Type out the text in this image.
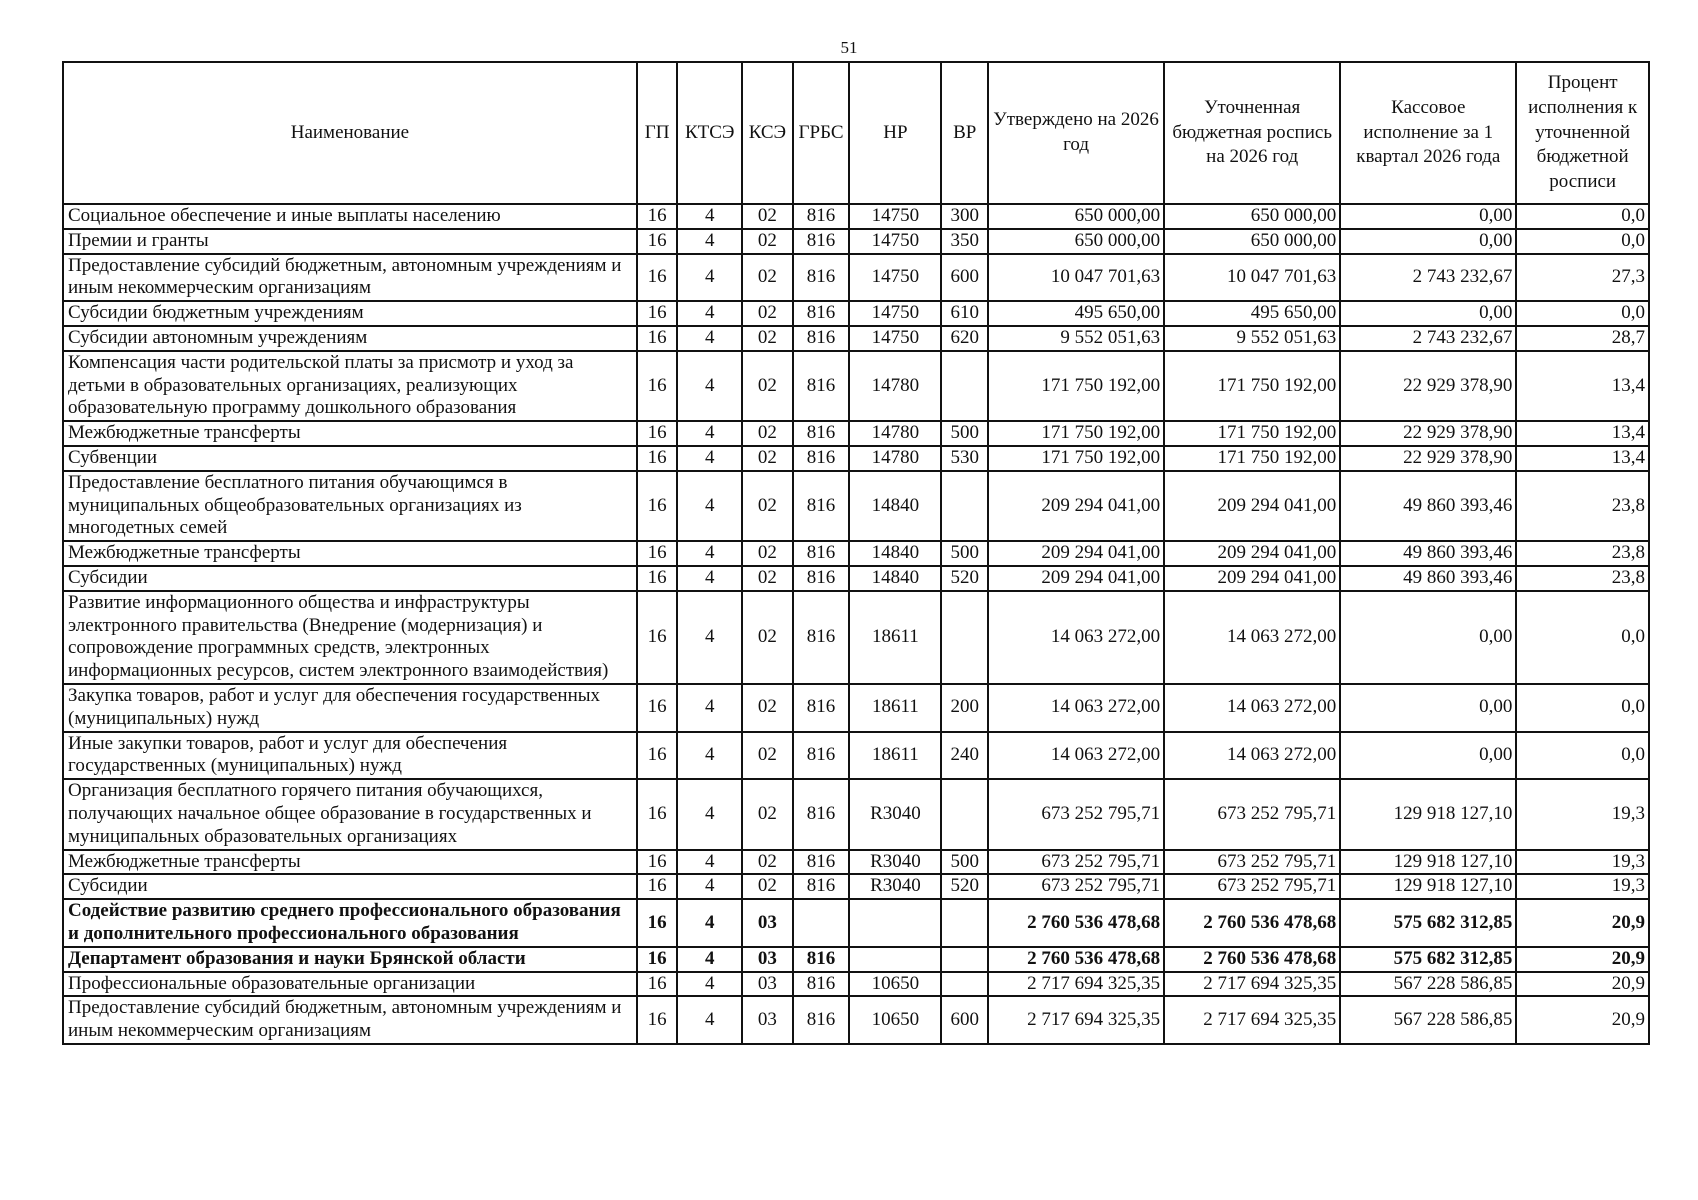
51
Наименование	ГП	КТСЭ	КСЭ	ГРБС	НР	ВР	Утверждено на 2026 год	Уточненная бюджетная роспись на 2026 год	Кассовое исполнение за 1 квартал 2026 года	Процент исполнения к уточненной бюджетной росписи
Социальное обеспечение и иные выплаты населению	16	4	02	816	14750	300	650 000,00	650 000,00	0,00	0,0
Премии и гранты	16	4	02	816	14750	350	650 000,00	650 000,00	0,00	0,0
Предоставление субсидий бюджетным, автономным учреждениям и иным некоммерческим организациям	16	4	02	816	14750	600	10 047 701,63	10 047 701,63	2 743 232,67	27,3
Субсидии бюджетным учреждениям	16	4	02	816	14750	610	495 650,00	495 650,00	0,00	0,0
Субсидии автономным учреждениям	16	4	02	816	14750	620	9 552 051,63	9 552 051,63	2 743 232,67	28,7
Компенсация части родительской платы за присмотр и уход за детьми в образовательных организациях, реализующих образовательную программу дошкольного образования	16	4	02	816	14780		171 750 192,00	171 750 192,00	22 929 378,90	13,4
Межбюджетные трансферты	16	4	02	816	14780	500	171 750 192,00	171 750 192,00	22 929 378,90	13,4
Субвенции	16	4	02	816	14780	530	171 750 192,00	171 750 192,00	22 929 378,90	13,4
Предоставление бесплатного питания обучающимся в муниципальных общеобразовательных организациях из многодетных семей	16	4	02	816	14840		209 294 041,00	209 294 041,00	49 860 393,46	23,8
Межбюджетные трансферты	16	4	02	816	14840	500	209 294 041,00	209 294 041,00	49 860 393,46	23,8
Субсидии	16	4	02	816	14840	520	209 294 041,00	209 294 041,00	49 860 393,46	23,8
Развитие информационного общества и инфраструктуры электронного правительства (Внедрение (модернизация) и сопровождение программных средств, электронных информационных ресурсов, систем электронного взаимодействия)	16	4	02	816	18611		14 063 272,00	14 063 272,00	0,00	0,0
Закупка товаров, работ и услуг для обеспечения государственных (муниципальных) нужд	16	4	02	816	18611	200	14 063 272,00	14 063 272,00	0,00	0,0
Иные закупки товаров, работ и услуг для обеспечения государственных (муниципальных) нужд	16	4	02	816	18611	240	14 063 272,00	14 063 272,00	0,00	0,0
Организация бесплатного горячего питания обучающихся, получающих начальное общее образование в государственных и муниципальных образовательных организациях	16	4	02	816	R3040		673 252 795,71	673 252 795,71	129 918 127,10	19,3
Межбюджетные трансферты	16	4	02	816	R3040	500	673 252 795,71	673 252 795,71	129 918 127,10	19,3
Субсидии	16	4	02	816	R3040	520	673 252 795,71	673 252 795,71	129 918 127,10	19,3
Содействие развитию среднего профессионального образования и дополнительного профессионального образования	16	4	03				2 760 536 478,68	2 760 536 478,68	575 682 312,85	20,9
Департамент образования и науки Брянской области	16	4	03	816			2 760 536 478,68	2 760 536 478,68	575 682 312,85	20,9
Профессиональные образовательные организации	16	4	03	816	10650		2 717 694 325,35	2 717 694 325,35	567 228 586,85	20,9
Предоставление субсидий бюджетным, автономным учреждениям и иным некоммерческим организациям	16	4	03	816	10650	600	2 717 694 325,35	2 717 694 325,35	567 228 586,85	20,9
